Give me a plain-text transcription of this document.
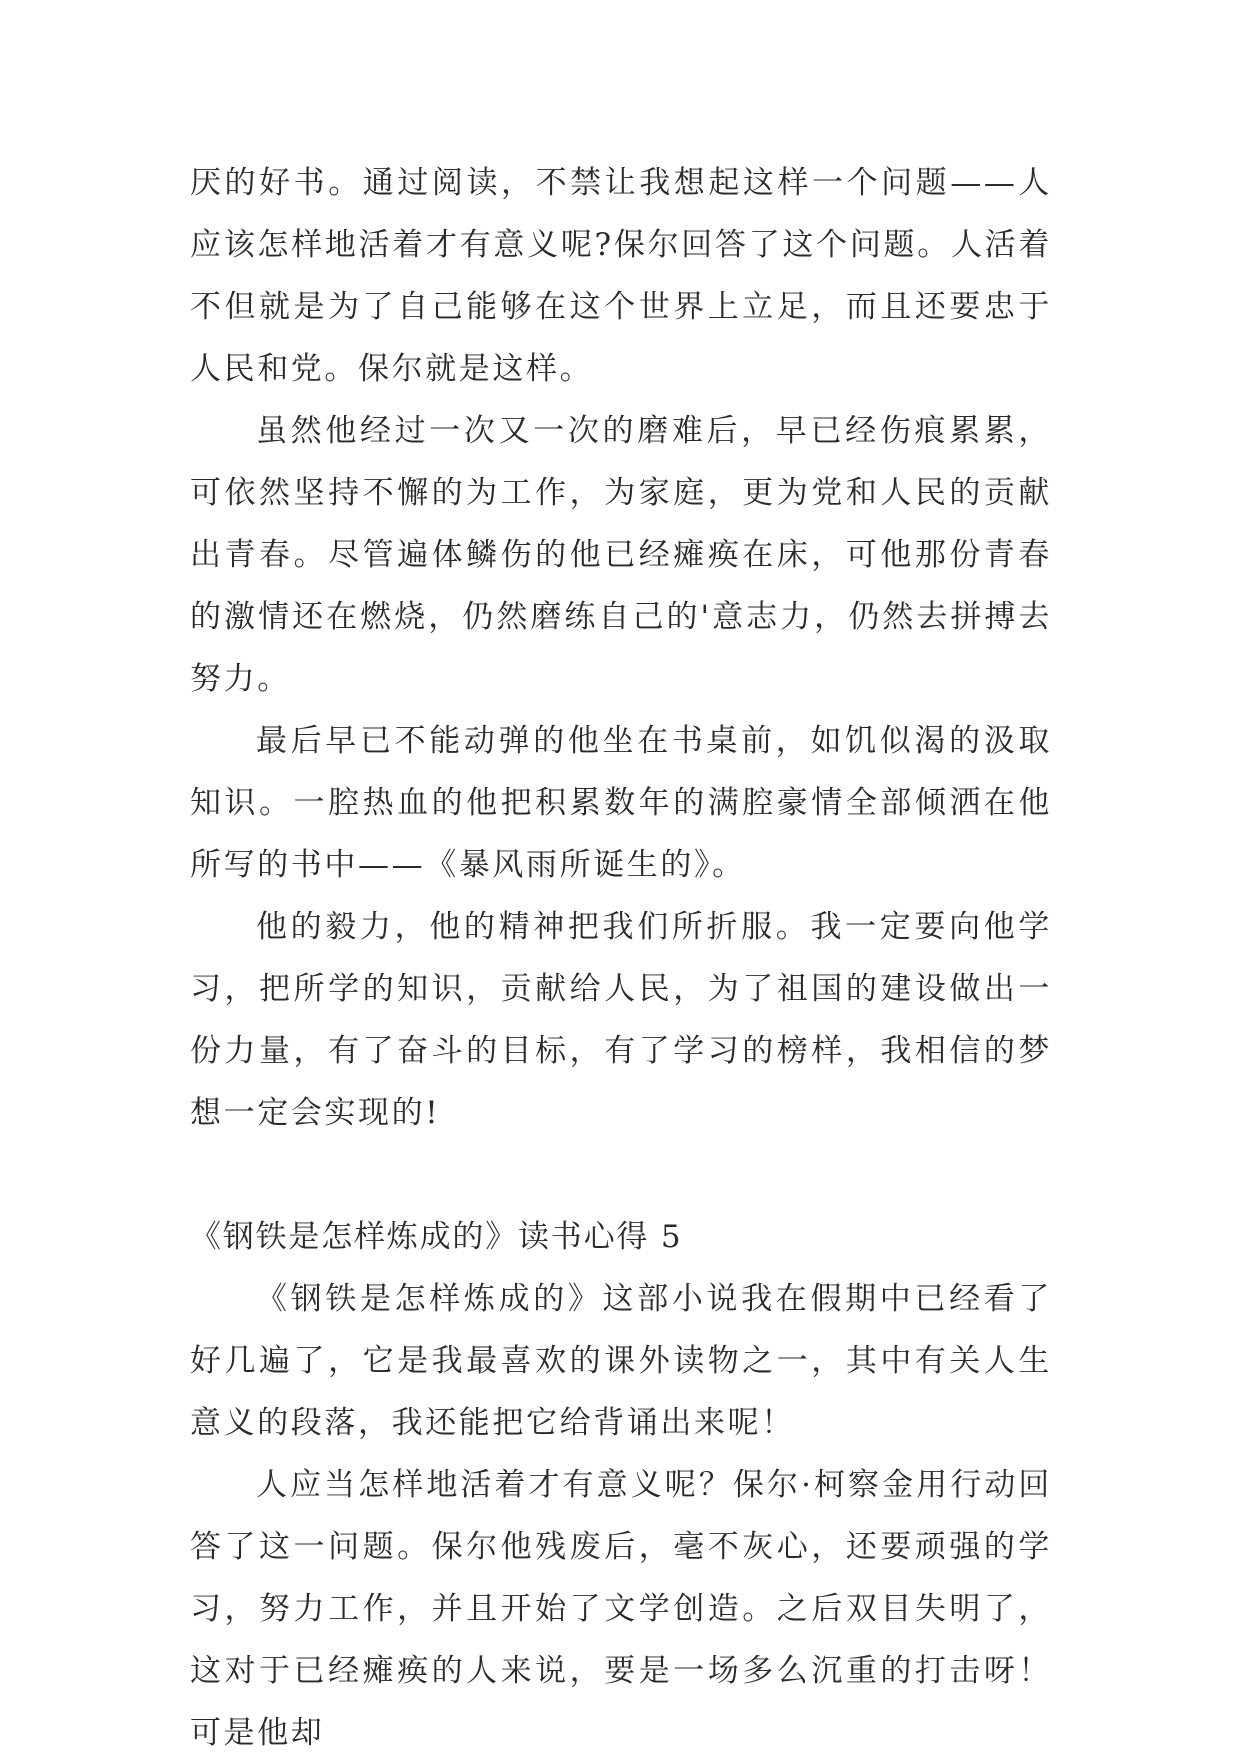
厌的好书。通过阅读，不禁让我想起这样一个问题——人应该怎样地活着才有意义呢?保尔回答了这个问题。人活着不但就是为了自己能够在这个世界上立足，而且还要忠于人民和党。保尔就是这样。

虽然他经过一次又一次的磨难后，早已经伤痕累累，可依然坚持不懈的为工作，为家庭，更为党和人民的贡献出青春。尽管遍体鳞伤的他已经瘫痪在床，可他那份青春的激情还在燃烧，仍然磨练自己的'意志力，仍然去拼搏去努力。

最后早已不能动弹的他坐在书桌前，如饥似渴的汲取知识。一腔热血的他把积累数年的满腔豪情全部倾洒在他所写的书中——《暴风雨所诞生的》。

他的毅力，他的精神把我们所折服。我一定要向他学习，把所学的知识，贡献给人民，为了祖国的建设做出一份力量，有了奋斗的目标，有了学习的榜样，我相信的梦想一定会实现的!

《钢铁是怎样炼成的》读书心得 5

《钢铁是怎样炼成的》这部小说我在假期中已经看了好几遍了，它是我最喜欢的课外读物之一，其中有关人生意义的段落，我还能把它给背诵出来呢！

人应当怎样地活着才有意义呢？保尔·柯察金用行动回答了这一问题。保尔他残废后，毫不灰心，还要顽强的学习，努力工作，并且开始了文学创造。之后双目失明了，这对于已经瘫痪的人来说，要是一场多么沉重的打击呀！可是他却
